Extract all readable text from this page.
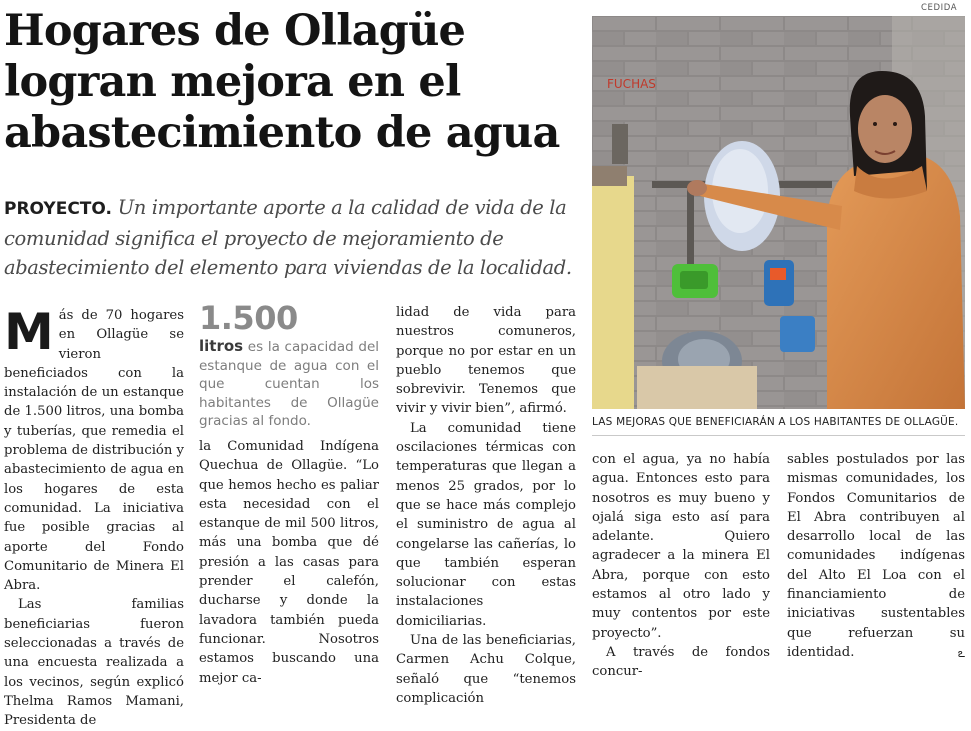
CEDIDA
Hogares de Ollagüe logran mejora en el abastecimiento de agua
PROYECTO. Un importante aporte a la calidad de vida de la comunidad significa el proyecto de mejoramiento de abastecimiento del elemento para viviendas de la localidad.

Más de 70 hogares en Ollagüe se vieron beneficiados con la instalación de un estanque de 1.500 litros, una bomba y tuberías, que remedia el problema de distribución y abastecimiento de agua en los hogares de esta comunidad. La iniciativa fue posible gracias al aporte del Fondo Comunitario de Minera El Abra.

Las familias beneficiarias fueron seleccionadas a través de una encuesta realizada a los vecinos, según explicó Thelma Ramos Mamani, Presidenta de

1.500
litros es la capacidad del estanque de agua con el que cuentan los habitantes de Ollagüe gracias al fondo.

la Comunidad Indígena Quechua de Ollagüe. “Lo que hemos hecho es paliar esta necesidad con el estanque de mil 500 litros, más una bomba que dé presión a las casas para prender el calefón, ducharse y donde la lavadora también pueda funcionar. Nosotros estamos buscando una mejor ca-

lidad de vida para nuestros comuneros, porque no por estar en un pueblo tenemos que sobrevivir. Tenemos que vivir y vivir bien”, afirmó.

La comunidad tiene oscilaciones térmicas con temperaturas que llegan a menos 25 grados, por lo que se hace más complejo el suministro de agua al congelarse las cañerías, lo que también esperan solucionar con estas instalaciones domiciliarias.

Una de las beneficiarias, Carmen Achu Colque, señaló que “tenemos complicación

FUCHAS
LAS MEJORAS QUE BENEFICIARÁN A LOS HABITANTES DE OLLAGÜE.

con el agua, ya no había agua. Entonces esto para nosotros es muy bueno y ojalá siga esto así para adelante. Quiero agradecer a la minera El Abra, porque con esto estamos al otro lado y muy contentos por este proyecto”.

A través de fondos concur-

sables postulados por las mismas comunidades, los Fondos Comunitarios de El Abra contribuyen al desarrollo local de las comunidades indígenas del Alto El Loa con el financiamiento de iniciativas sustentables que refuerzan su identidad.	ఽ
